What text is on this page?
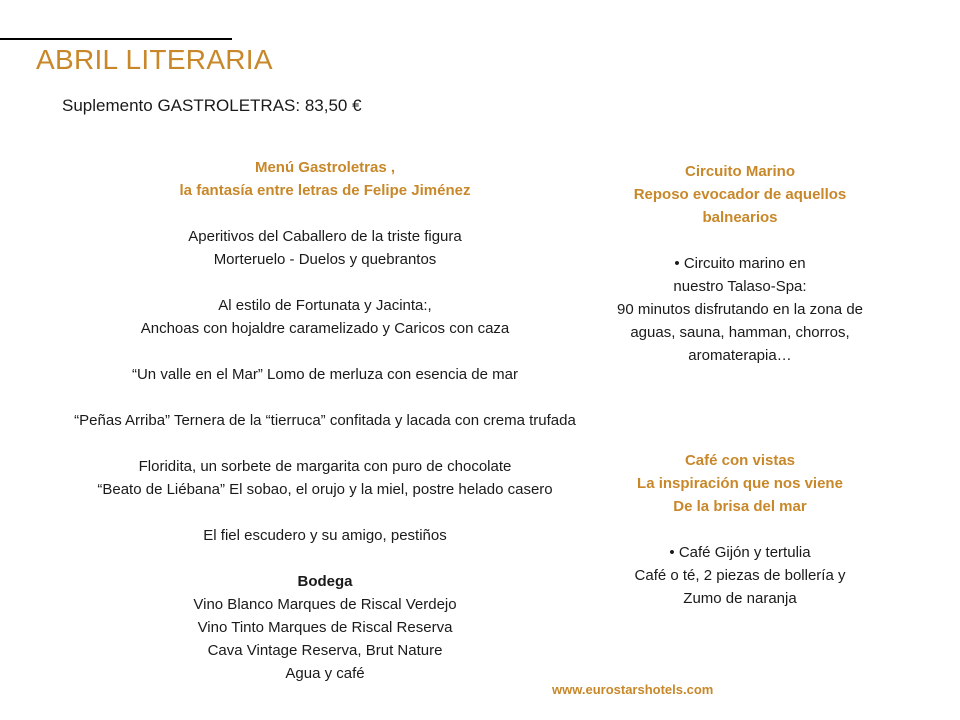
ABRIL LITERARIA
Suplemento GASTROLETRAS: 83,50 €
Menú Gastroletras ,
la fantasía entre letras de Felipe Jiménez
Aperitivos del Caballero de la triste figura
Morteruelo - Duelos y quebrantos
Al estilo de Fortunata y Jacinta:,
Anchoas con hojaldre caramelizado y Caricos con caza
“Un valle en el Mar” Lomo de merluza con esencia de mar
“Peñas Arriba” Ternera de la “tierruca” confitada y lacada con crema trufada
Floridita, un sorbete de margarita con puro de chocolate
“Beato de Liébana” El sobao, el orujo y la miel, postre helado casero
El fiel escudero y su amigo, pestiños
Bodega
Vino Blanco Marques de Riscal Verdejo
Vino Tinto Marques de Riscal Reserva
Cava Vintage Reserva, Brut Nature
Agua y café
Circuito Marino
Reposo evocador de aquellos
balnearios
• Circuito marino en
nuestro Talaso-Spa:
90 minutos disfrutando en la zona de
aguas, sauna, hamman, chorros,
aromaterapia…
Café con vistas
La inspiración que nos viene
De la brisa del mar
• Café Gijón y tertulia
Café o té, 2 piezas de bollería y
Zumo de naranja
www.eurostarshotels.com
